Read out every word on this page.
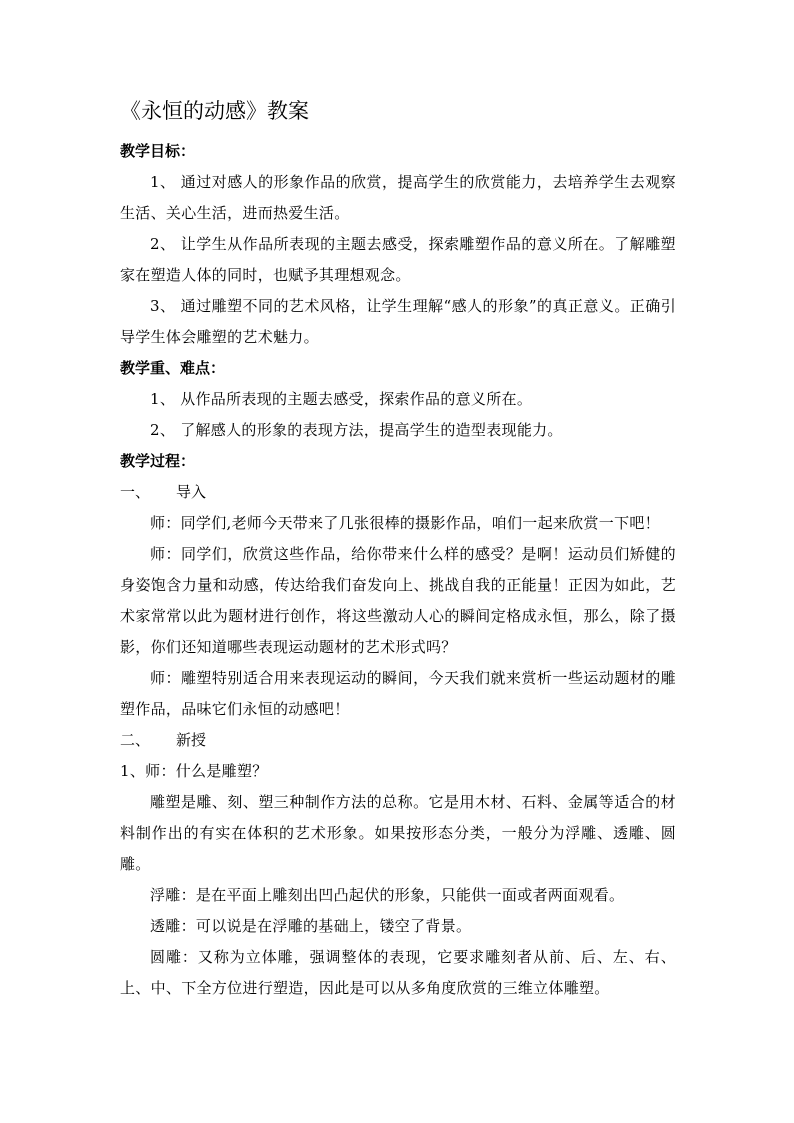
《永恒的动感》教案

教学目标：

1、 通过对感人的形象作品的欣赏，提高学生的欣赏能力，去培养学生去观察生活、关心生活，进而热爱生活。

2、 让学生从作品所表现的主题去感受，探索雕塑作品的意义所在。了解雕塑家在塑造人体的同时，也赋予其理想观念。

3、 通过雕塑不同的艺术风格，让学生理解“感人的形象”的真正意义。正确引导学生体会雕塑的艺术魅力。

教学重、难点：

1、 从作品所表现的主题去感受，探索作品的意义所在。

2、 了解感人的形象的表现方法，提高学生的造型表现能力。

教学过程：

一、	导入

师：同学们,老师今天带来了几张很棒的摄影作品，咱们一起来欣赏一下吧！

师：同学们，欣赏这些作品，给你带来什么样的感受？是啊！运动员们矫健的身姿饱含力量和动感，传达给我们奋发向上、挑战自我的正能量！正因为如此，艺术家常常以此为题材进行创作，将这些激动人心的瞬间定格成永恒，那么，除了摄影，你们还知道哪些表现运动题材的艺术形式吗？

师：雕塑特别适合用来表现运动的瞬间，今天我们就来赏析一些运动题材的雕塑作品，品味它们永恒的动感吧！

二、	新授

1、师：什么是雕塑？

雕塑是雕、刻、塑三种制作方法的总称。它是用木材、石料、金属等适合的材料制作出的有实在体积的艺术形象。如果按形态分类，一般分为浮雕、透雕、圆雕。

浮雕：是在平面上雕刻出凹凸起伏的形象，只能供一面或者两面观看。

透雕：可以说是在浮雕的基础上，镂空了背景。

圆雕：又称为立体雕，强调整体的表现，它要求雕刻者从前、后、左、右、上、中、下全方位进行塑造，因此是可以从多角度欣赏的三维立体雕塑。
